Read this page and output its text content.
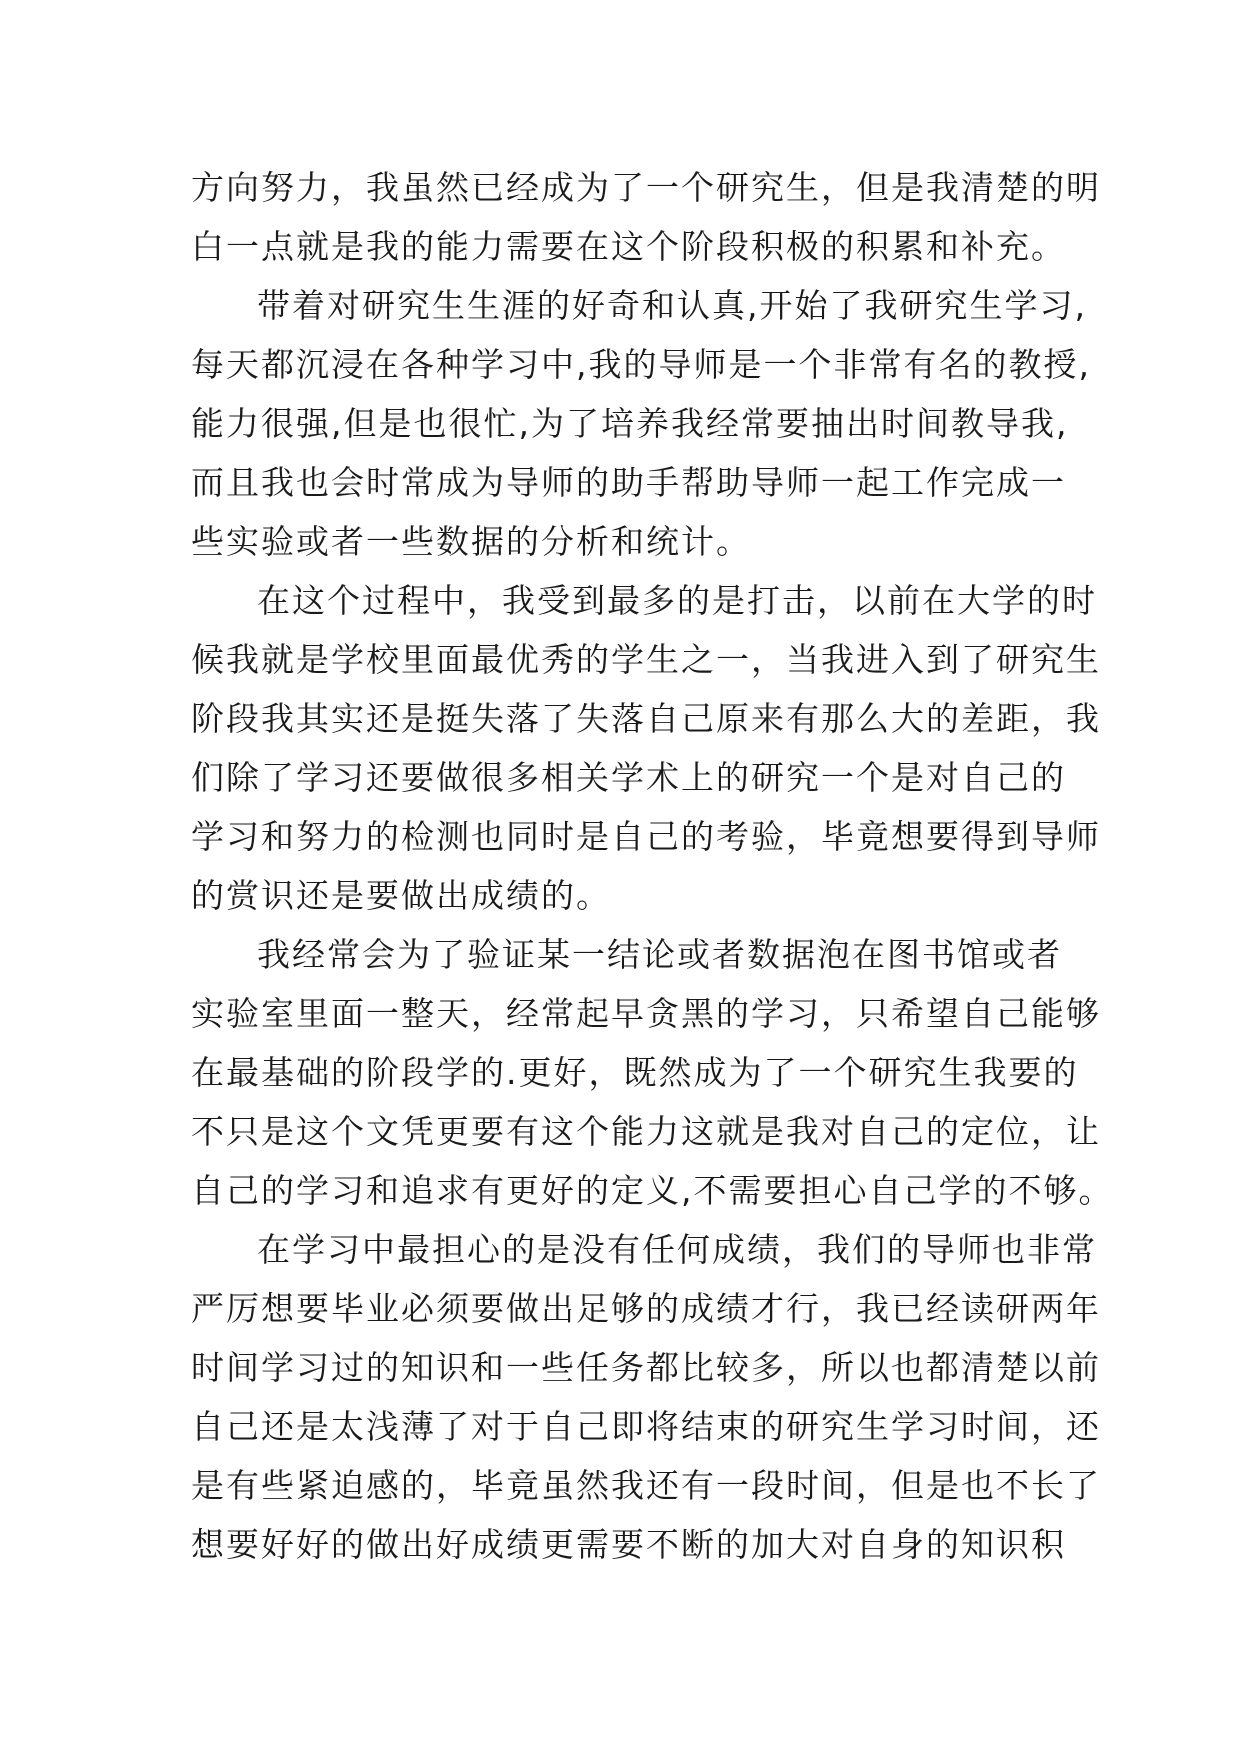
方向努力，我虽然已经成为了一个研究生，但是我清楚的明
白一点就是我的能力需要在这个阶段积极的积累和补充。
带着对研究生生涯的好奇和认真,开始了我研究生学习,
每天都沉浸在各种学习中,我的导师是一个非常有名的教授,
能力很强,但是也很忙,为了培养我经常要抽出时间教导我,
而且我也会时常成为导师的助手帮助导师一起工作完成一
些实验或者一些数据的分析和统计。
在这个过程中，我受到最多的是打击，以前在大学的时
候我就是学校里面最优秀的学生之一，当我进入到了研究生
阶段我其实还是挺失落了失落自己原来有那么大的差距，我
们除了学习还要做很多相关学术上的研究一个是对自己的
学习和努力的检测也同时是自己的考验，毕竟想要得到导师
的赏识还是要做出成绩的。
我经常会为了验证某一结论或者数据泡在图书馆或者
实验室里面一整天，经常起早贪黑的学习，只希望自己能够
在最基础的阶段学的.更好，既然成为了一个研究生我要的
不只是这个文凭更要有这个能力这就是我对自己的定位，让
自己的学习和追求有更好的定义,不需要担心自己学的不够。
在学习中最担心的是没有任何成绩，我们的导师也非常
严厉想要毕业必须要做出足够的成绩才行，我已经读研两年
时间学习过的知识和一些任务都比较多，所以也都清楚以前
自己还是太浅薄了对于自己即将结束的研究生学习时间，还
是有些紧迫感的，毕竟虽然我还有一段时间，但是也不长了
想要好好的做出好成绩更需要不断的加大对自身的知识积
